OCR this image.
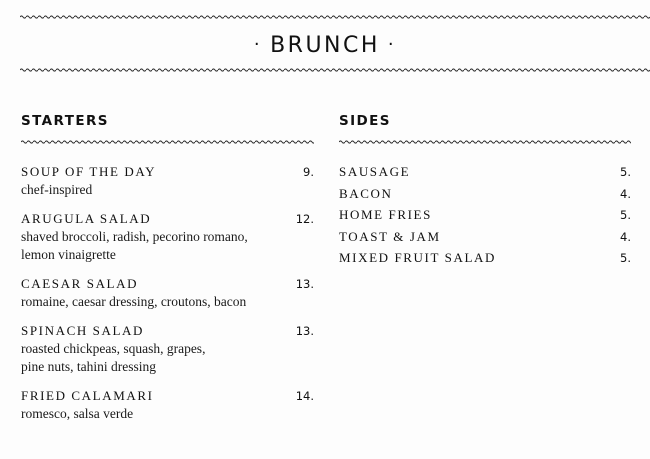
· BRUNCH ·
STARTERS
SOUP OF THE DAY	9.
chef-inspired
ARUGULA SALAD	12.
shaved broccoli, radish, pecorino romano,
lemon vinaigrette
CAESAR SALAD	13.
romaine, caesar dressing, croutons, bacon
SPINACH SALAD	13.
roasted chickpeas, squash, grapes,
pine nuts, tahini dressing
FRIED CALAMARI	14.
romesco, salsa verde
SIDES
SAUSAGE	5.
BACON	4.
HOME FRIES	5.
TOAST & JAM	4.
MIXED FRUIT SALAD	5.
